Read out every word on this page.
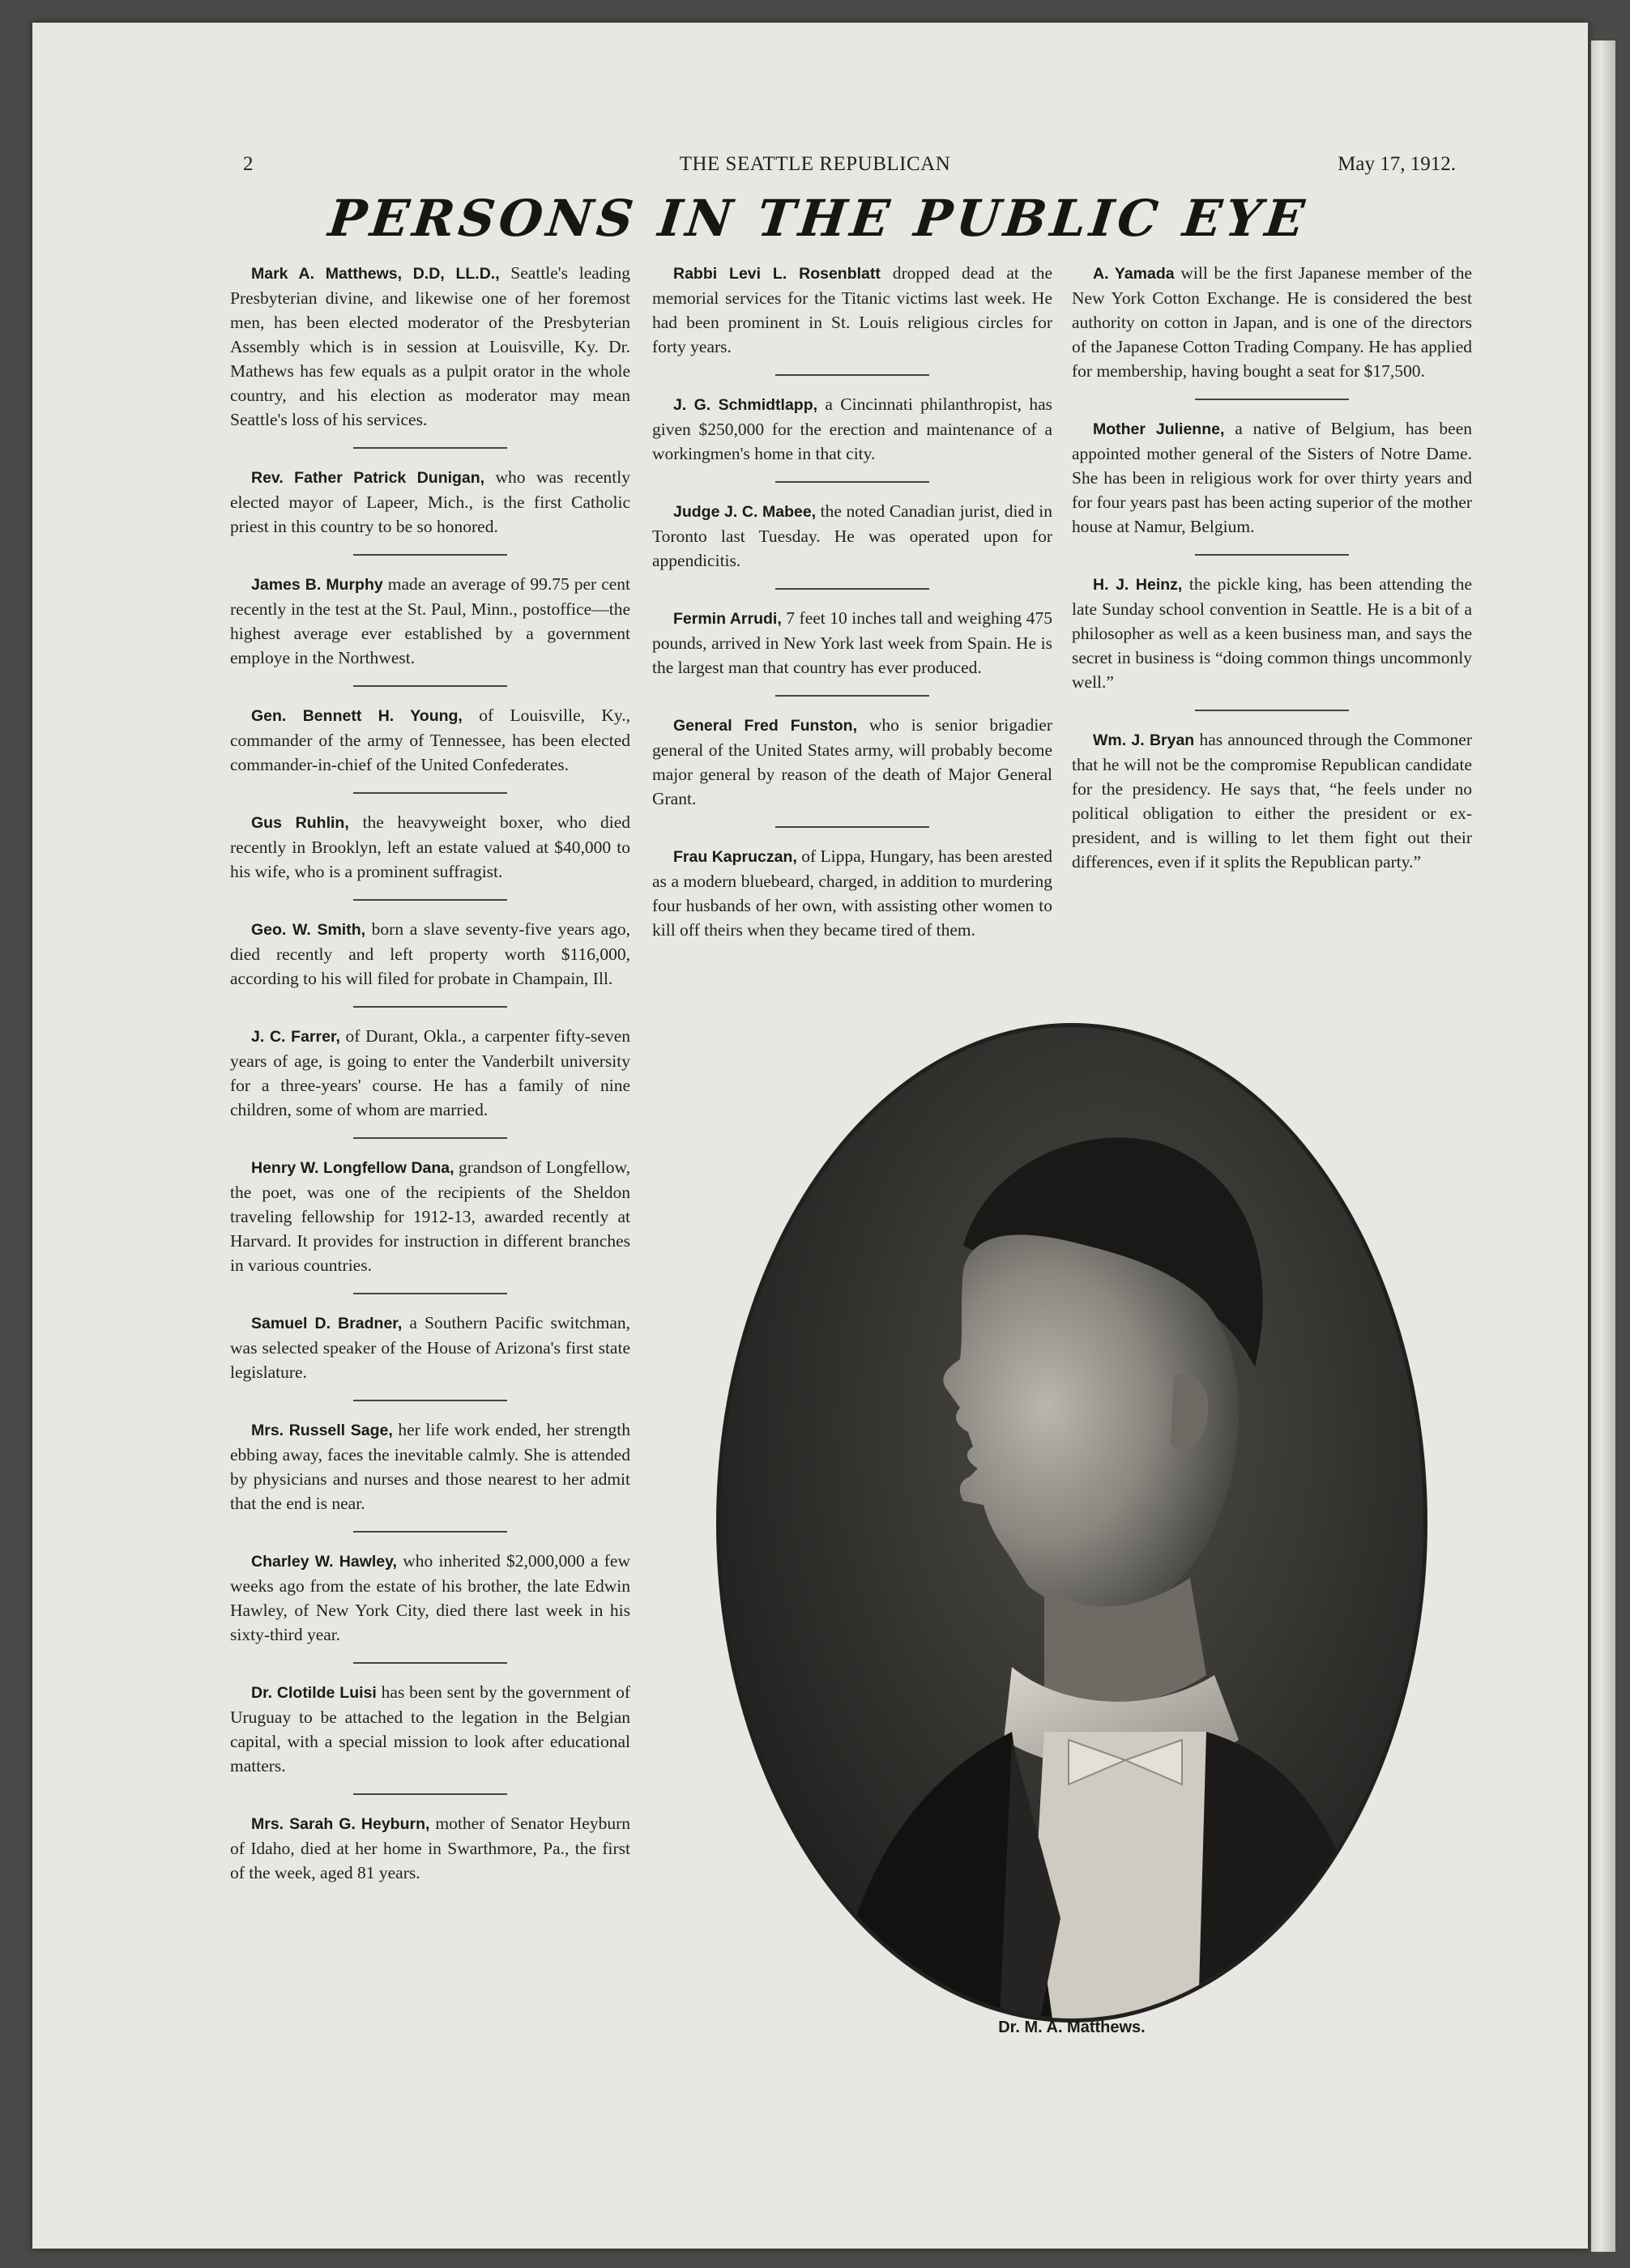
2	THE SEATTLE REPUBLICAN	May 17, 1912.
PERSONS IN THE PUBLIC EYE

Mark A. Matthews, D.D, LL.D., Seattle's leading Presbyterian divine, and likewise one of her foremost men, has been elected moderator of the Presbyterian Assembly which is in session at Louisville, Ky. Dr. Mathews has few equals as a pulpit orator in the whole country, and his election as moderator may mean Seattle's loss of his services.

Rev. Father Patrick Dunigan, who was recently elected mayor of Lapeer, Mich., is the first Catholic priest in this country to be so honored.

James B. Murphy made an average of 99.75 per cent recently in the test at the St. Paul, Minn., postoffice—the highest average ever established by a government employe in the Northwest.

Gen. Bennett H. Young, of Louisville, Ky., commander of the army of Tennessee, has been elected commander-in-chief of the United Confederates.

Gus Ruhlin, the heavyweight boxer, who died recently in Brooklyn, left an estate valued at $40,000 to his wife, who is a prominent suffragist.

Geo. W. Smith, born a slave seventy-five years ago, died recently and left property worth $116,000, according to his will filed for probate in Champain, Ill.

J. C. Farrer, of Durant, Okla., a carpenter fifty-seven years of age, is going to enter the Vanderbilt university for a three-years' course. He has a family of nine children, some of whom are married.

Henry W. Longfellow Dana, grandson of Longfellow, the poet, was one of the recipients of the Sheldon traveling fellowship for 1912-13, awarded recently at Harvard. It provides for instruction in different branches in various countries.

Samuel D. Bradner, a Southern Pacific switchman, was selected speaker of the House of Arizona's first state legislature.

Mrs. Russell Sage, her life work ended, her strength ebbing away, faces the inevitable calmly. She is attended by physicians and nurses and those nearest to her admit that the end is near.

Charley W. Hawley, who inherited $2,000,000 a few weeks ago from the estate of his brother, the late Edwin Hawley, of New York City, died there last week in his sixty-third year.

Dr. Clotilde Luisi has been sent by the government of Uruguay to be attached to the legation in the Belgian capital, with a special mission to look after educational matters.

Mrs. Sarah G. Heyburn, mother of Senator Heyburn of Idaho, died at her home in Swarthmore, Pa., the first of the week, aged 81 years.

Rabbi Levi L. Rosenblatt dropped dead at the memorial services for the Titanic victims last week. He had been prominent in St. Louis religious circles for forty years.

J. G. Schmidtlapp, a Cincinnati philanthropist, has given $250,000 for the erection and maintenance of a workingmen's home in that city.

Judge J. C. Mabee, the noted Canadian jurist, died in Toronto last Tuesday. He was operated upon for appendicitis.

Fermin Arrudi, 7 feet 10 inches tall and weighing 475 pounds, arrived in New York last week from Spain. He is the largest man that country has ever produced.

General Fred Funston, who is senior brigadier general of the United States army, will probably become major general by reason of the death of Major General Grant.

Frau Kapruczan, of Lippa, Hungary, has been arested as a modern bluebeard, charged, in addition to murdering four husbands of her own, with assisting other women to kill off theirs when they became tired of them.

A. Yamada will be the first Japanese member of the New York Cotton Exchange. He is considered the best authority on cotton in Japan, and is one of the directors of the Japanese Cotton Trading Company. He has applied for membership, having bought a seat for $17,500.

Mother Julienne, a native of Belgium, has been appointed mother general of the Sisters of Notre Dame. She has been in religious work for over thirty years and for four years past has been acting superior of the mother house at Namur, Belgium.

H. J. Heinz, the pickle king, has been attending the late Sunday school convention in Seattle. He is a bit of a philosopher as well as a keen business man, and says the secret in business is “doing common things uncommonly well.”

Wm. J. Bryan has announced through the Commoner that he will not be the compromise Republican candidate for the presidency. He says that, “he feels under no political obligation to either the president or ex-president, and is willing to let them fight out their differences, even if it splits the Republican party.”

Dr. M. A. Matthews.
